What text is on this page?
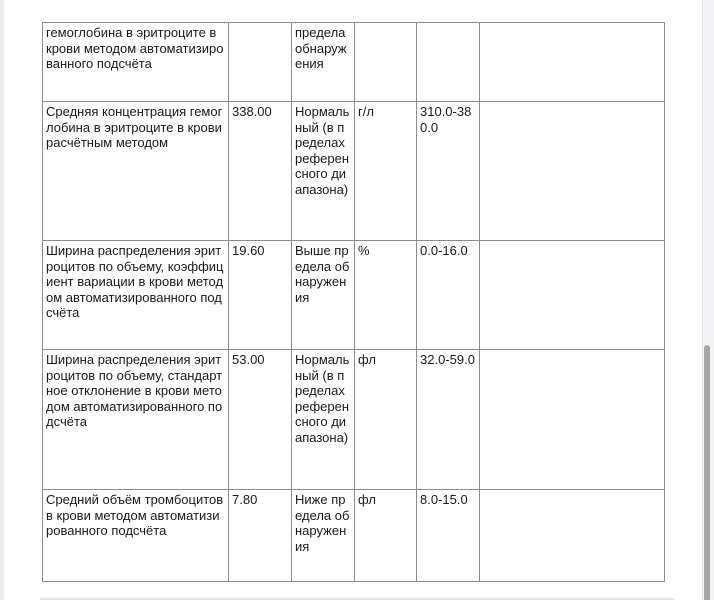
гемоглобина в эритроците в крови методом автоматизированного подсчёта		предела обнаружения			
Средняя концентрация гемоглобина в эритроците в крови расчётным методом	338.00	Нормальный (в пределах референсного диапазона)	г/л	310.0-380.0	
Ширина распределения эритроцитов по объему, коэффициент вариации в крови методом автоматизированного подсчёта	19.60	Выше предела обнаружения	%	0.0-16.0	
Ширина распределения эритроцитов по объему, стандартное отклонение в крови методом автоматизированного подсчёта	53.00	Нормальный (в пределах референсного диапазона)	фл	32.0-59.0	
Средний объём тромбоцитов в крови методом автоматизированного подсчёта	7.80	Ниже предела обнаружения	фл	8.0-15.0	
